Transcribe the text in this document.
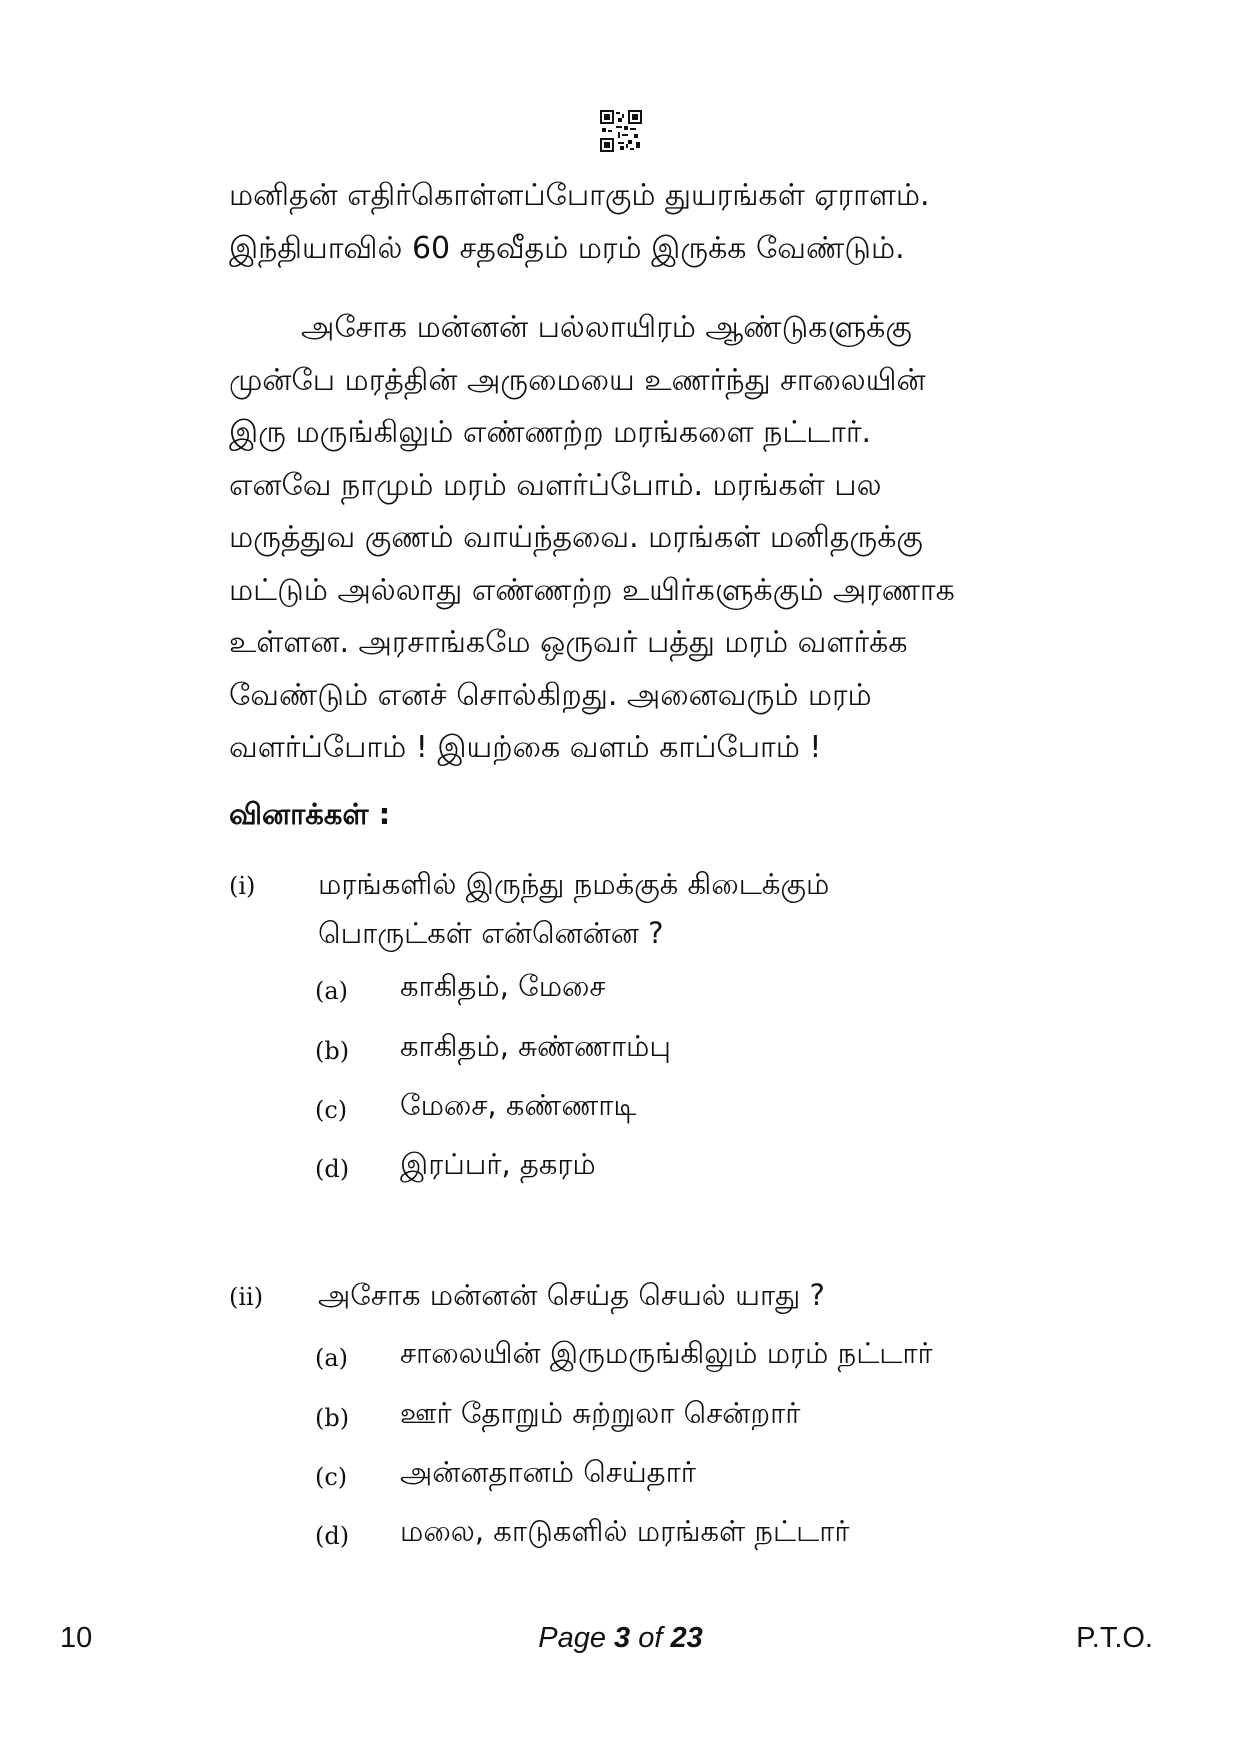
மனிதன் எதிர்கொள்ளப்போகும் துயரங்கள் ஏராளம்.
இந்தியாவில் 60 சதவீதம் மரம் இருக்க வேண்டும்.
அசோக மன்னன் பல்லாயிரம் ஆண்டுகளுக்கு
முன்பே மரத்தின் அருமையை உணர்ந்து சாலையின்
இரு மருங்கிலும் எண்ணற்ற மரங்களை நட்டார்.
எனவே நாமும் மரம் வளர்ப்போம். மரங்கள் பல
மருத்துவ குணம் வாய்ந்தவை. மரங்கள் மனிதருக்கு
மட்டும் அல்லாது எண்ணற்ற உயிர்களுக்கும் அரணாக
உள்ளன. அரசாங்கமே ஒருவர் பத்து மரம் வளர்க்க
வேண்டும் எனச் சொல்கிறது. அனைவரும் மரம்
வளர்ப்போம் ! இயற்கை வளம் காப்போம் !
வினாக்கள் :
(i) மரங்களில் இருந்து நமக்குக் கிடைக்கும்
பொருட்கள் என்னென்ன ?
(a) காகிதம், மேசை
(b) காகிதம், சுண்ணாம்பு
(c) மேசை, கண்ணாடி
(d) இரப்பர், தகரம்
(ii) அசோக மன்னன் செய்த செயல் யாது ?
(a) சாலையின் இருமருங்கிலும் மரம் நட்டார்
(b) ஊர் தோறும் சுற்றுலா சென்றார்
(c) அன்னதானம் செய்தார்
(d) மலை, காடுகளில் மரங்கள் நட்டார்
10	Page 3 of 23	P.T.O.
